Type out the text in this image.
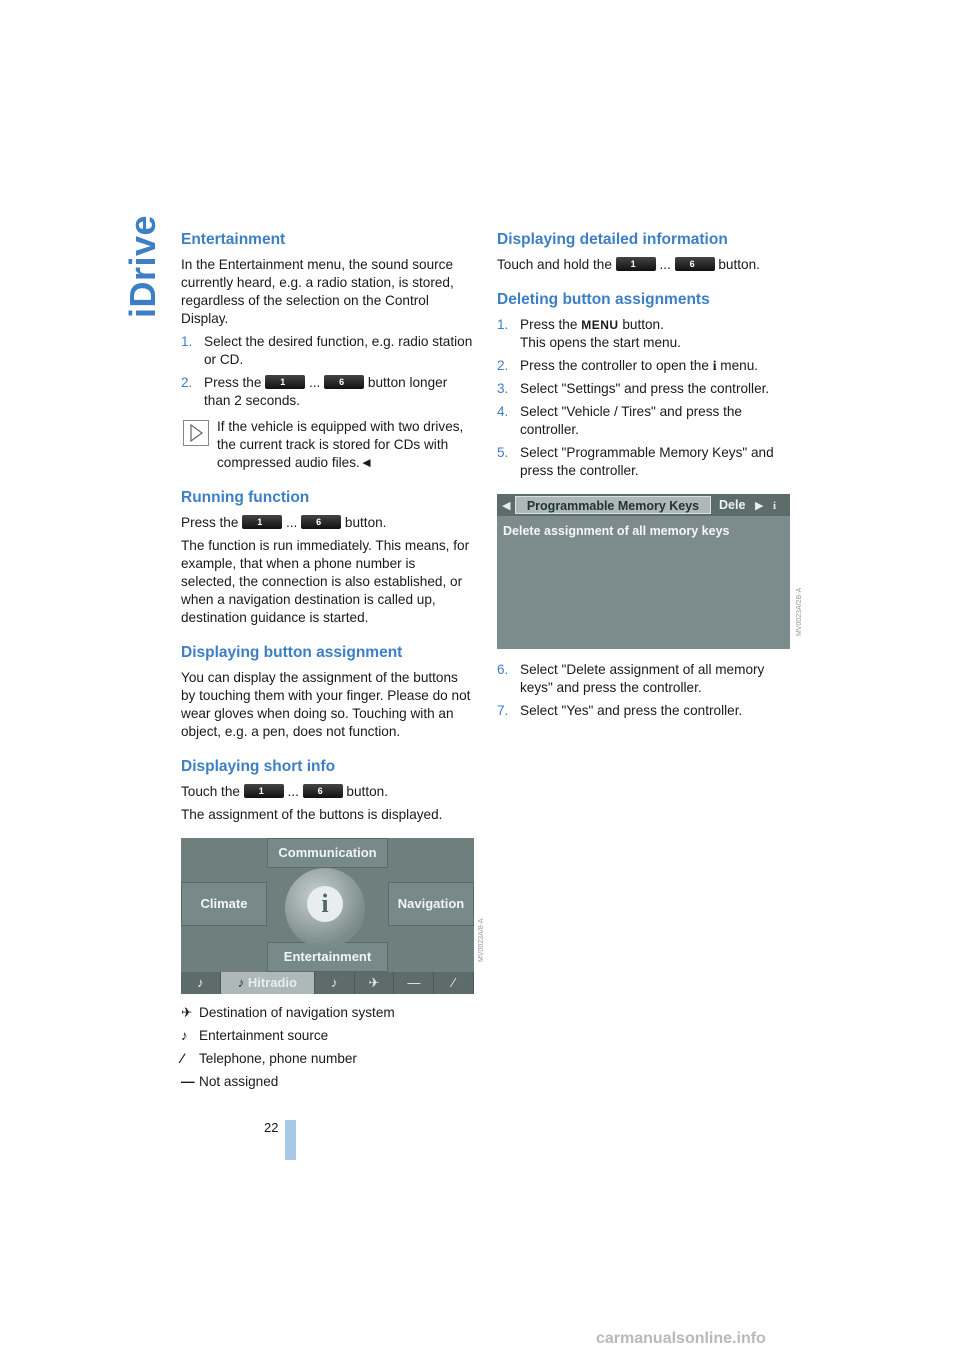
iDrive Entertainment

In the Entertainment menu, the sound source currently heard, e.g. a radio station, is stored, regardless of the selection on the Control Display.

1. Select the desired function, e.g. radio station or CD.
2. Press the 1 ... 6 button longer than 2 seconds.
If the vehicle is equipped with two drives, the current track is stored for CDs with compressed audio files.◄
Running function

Press the 1 ... 6 button.

The function is run immediately. This means, for example, that when a phone number is selected, the connection is also established, or when a navigation destination is called up, destination guidance is started.

Displaying button assignment

You can display the assignment of the buttons by touching them with your finger. Please do not wear gloves when doing so. Touching with an object, e.g. a pen, does not function.

Displaying short info

Touch the 1 ... 6 button.

The assignment of the buttons is displayed.

Communication
Climate	Navigation
Entertainment
i
♪	♪ Hitradio	♪	✈	—	∕
✈ Destination of navigation system
♪ Entertainment source
∕	Telephone, phone number
— Not assigned
MV0023A/8-A
Displaying detailed information

Touch and hold the 1 ... 6 button.

Deleting button assignments
1. Press the MENU button.
This opens the start menu.
2. Press the controller to open the i menu.
3. Select "Settings" and press the controller.
4. Select "Vehicle / Tires" and press the controller.
5. Select "Programmable Memory Keys" and press the controller.
◀	Programmable Memory Keys	Dele ▶ i
Delete assignment of all memory keys
6. Select "Delete assignment of all memory keys" and press the controller.
7. Select "Yes" and press the controller.
MV0023A/2B-A
22
carmanualsonline.info
